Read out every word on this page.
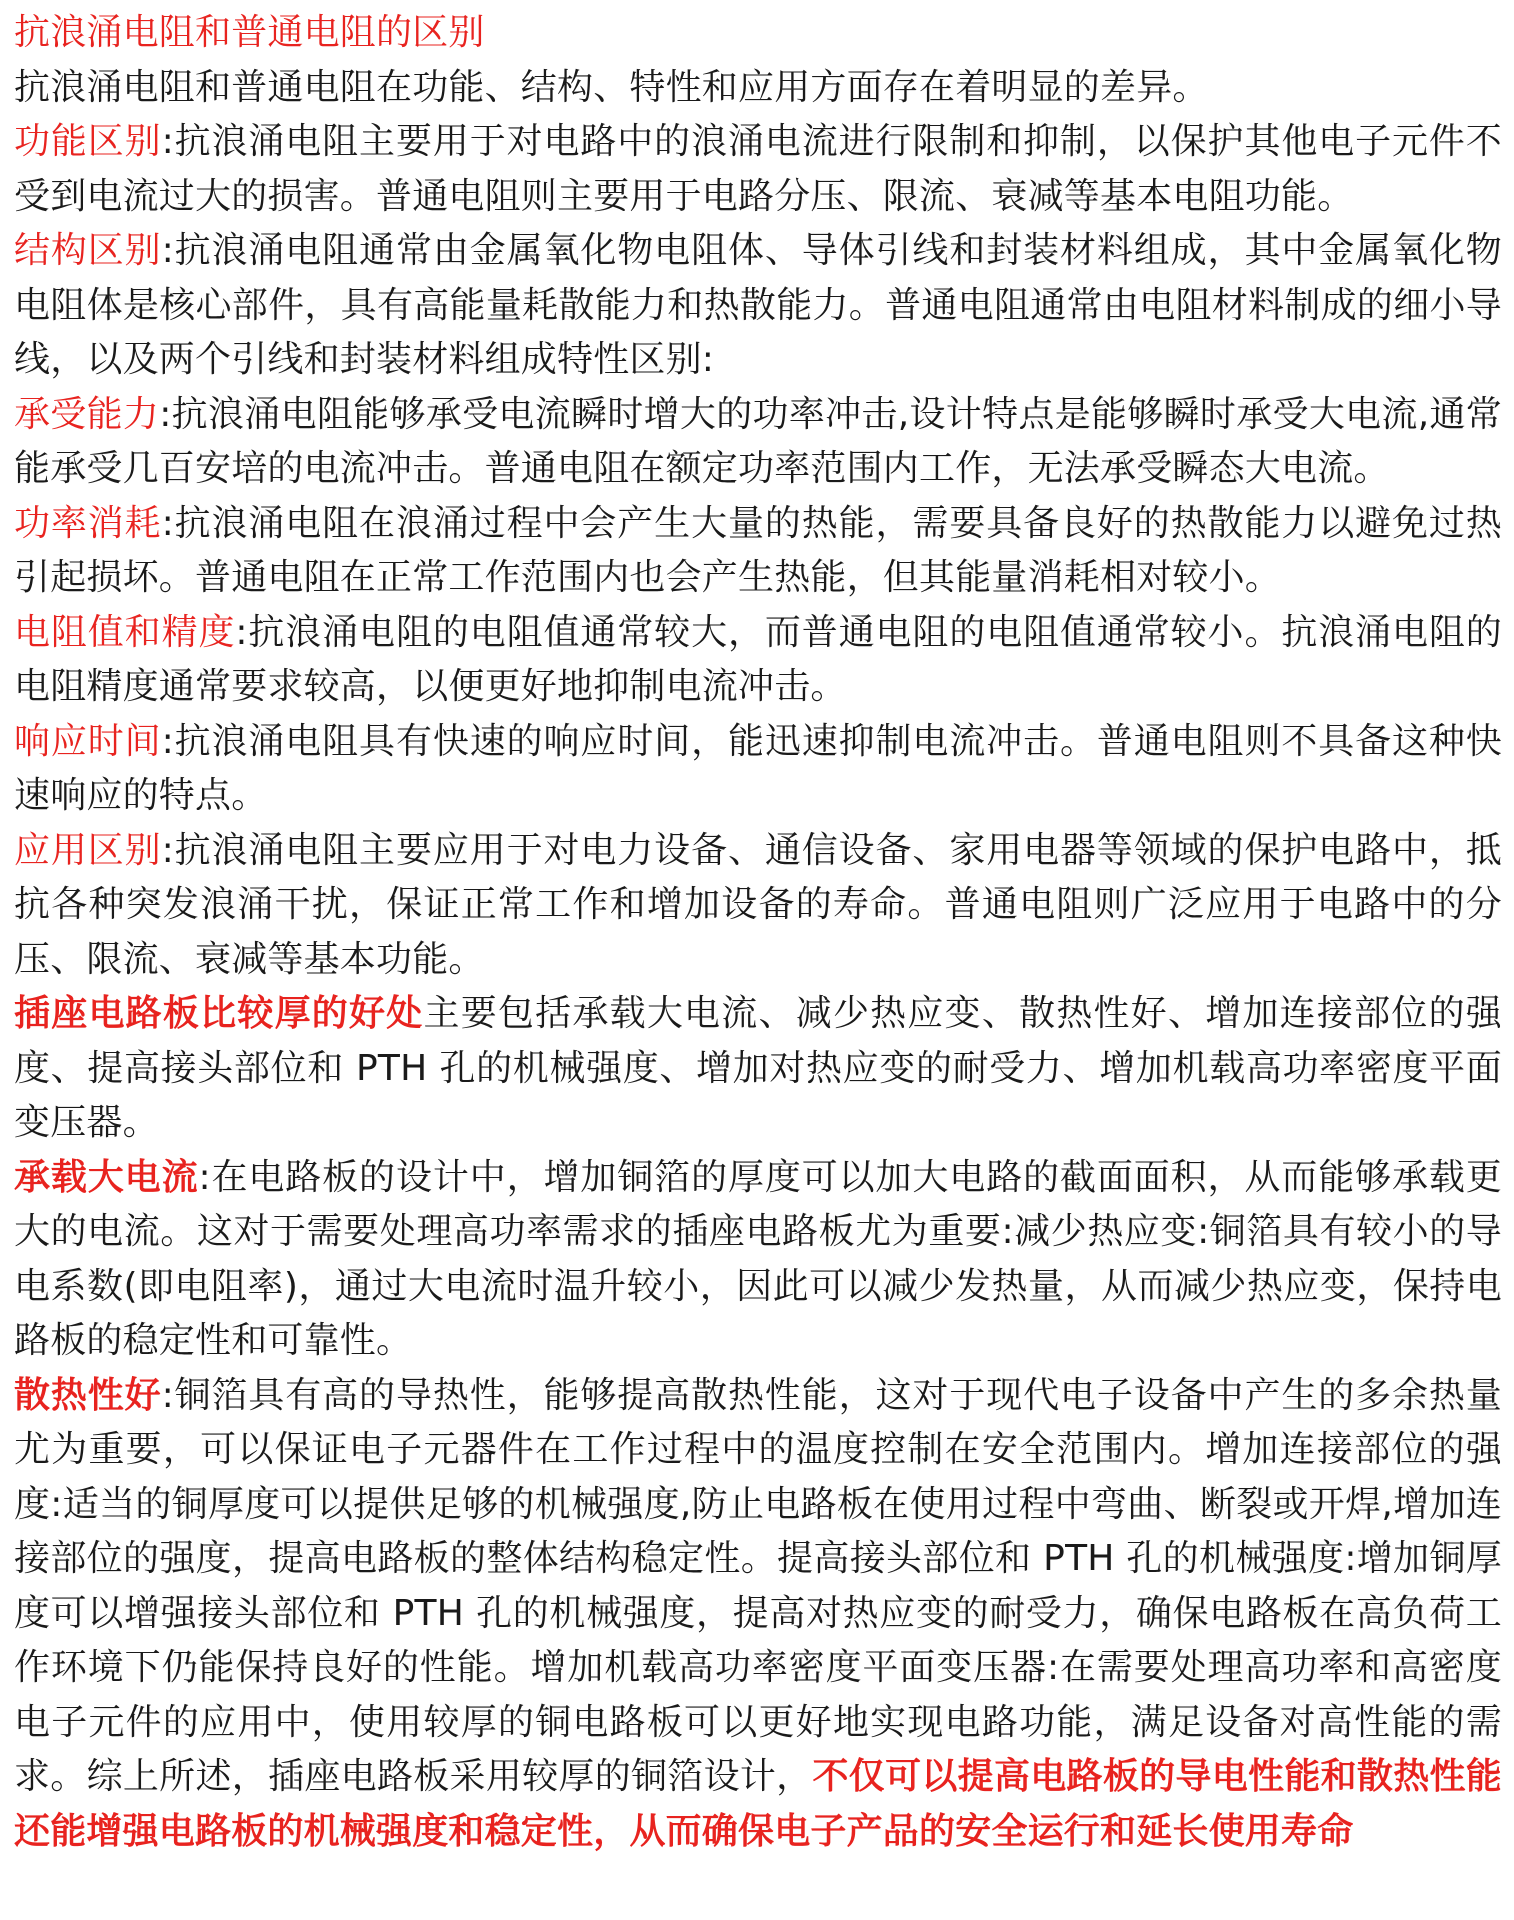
抗浪涌电阻和普通电阻的区别

抗浪涌电阻和普通电阻在功能、结构、特性和应用方面存在着明显的差异。

功能区别:抗浪涌电阻主要用于对电路中的浪涌电流进行限制和抑制，以保护其他电子元件不受到电流过大的损害。普通电阻则主要用于电路分压、限流、衰减等基本电阻功能。

结构区别:抗浪涌电阻通常由金属氧化物电阻体、导体引线和封装材料组成，其中金属氧化物电阻体是核心部件，具有高能量耗散能力和热散能力。普通电阻通常由电阻材料制成的细小导线，以及两个引线和封装材料组成特性区别:

承受能力:抗浪涌电阻能够承受电流瞬时增大的功率冲击,设计特点是能够瞬时承受大电流,通常能承受几百安培的电流冲击。普通电阻在额定功率范围内工作，无法承受瞬态大电流。

功率消耗:抗浪涌电阻在浪涌过程中会产生大量的热能，需要具备良好的热散能力以避免过热引起损坏。普通电阻在正常工作范围内也会产生热能，但其能量消耗相对较小。

电阻值和精度:抗浪涌电阻的电阻值通常较大，而普通电阻的电阻值通常较小。抗浪涌电阻的电阻精度通常要求较高，以便更好地抑制电流冲击。

响应时间:抗浪涌电阻具有快速的响应时间，能迅速抑制电流冲击。普通电阻则不具备这种快速响应的特点。

应用区别:抗浪涌电阻主要应用于对电力设备、通信设备、家用电器等领域的保护电路中，抵抗各种突发浪涌干扰，保证正常工作和增加设备的寿命。普通电阻则广泛应用于电路中的分压、限流、衰减等基本功能。

插座电路板比较厚的好处主要包括承载大电流、减少热应变、散热性好、增加连接部位的强度、提高接头部位和 PTH 孔的机械强度、增加对热应变的耐受力、增加机载高功率密度平面变压器。

承载大电流:在电路板的设计中，增加铜箔的厚度可以加大电路的截面面积，从而能够承载更大的电流。这对于需要处理高功率需求的插座电路板尤为重要:减少热应变:铜箔具有较小的导电系数(即电阻率)，通过大电流时温升较小，因此可以减少发热量，从而减少热应变，保持电路板的稳定性和可靠性。

散热性好:铜箔具有高的导热性，能够提高散热性能，这对于现代电子设备中产生的多余热量尤为重要，可以保证电子元器件在工作过程中的温度控制在安全范围内。增加连接部位的强度:适当的铜厚度可以提供足够的机械强度,防止电路板在使用过程中弯曲、断裂或开焊,增加连接部位的强度，提高电路板的整体结构稳定性。提高接头部位和 PTH 孔的机械强度:增加铜厚度可以增强接头部位和 PTH 孔的机械强度，提高对热应变的耐受力，确保电路板在高负荷工作环境下仍能保持良好的性能。增加机载高功率密度平面变压器:在需要处理高功率和高密度电子元件的应用中，使用较厚的铜电路板可以更好地实现电路功能，满足设备对高性能的需求。综上所述，插座电路板采用较厚的铜箔设计，不仅可以提高电路板的导电性能和散热性能还能增强电路板的机械强度和稳定性，从而确保电子产品的安全运行和延长使用寿命
